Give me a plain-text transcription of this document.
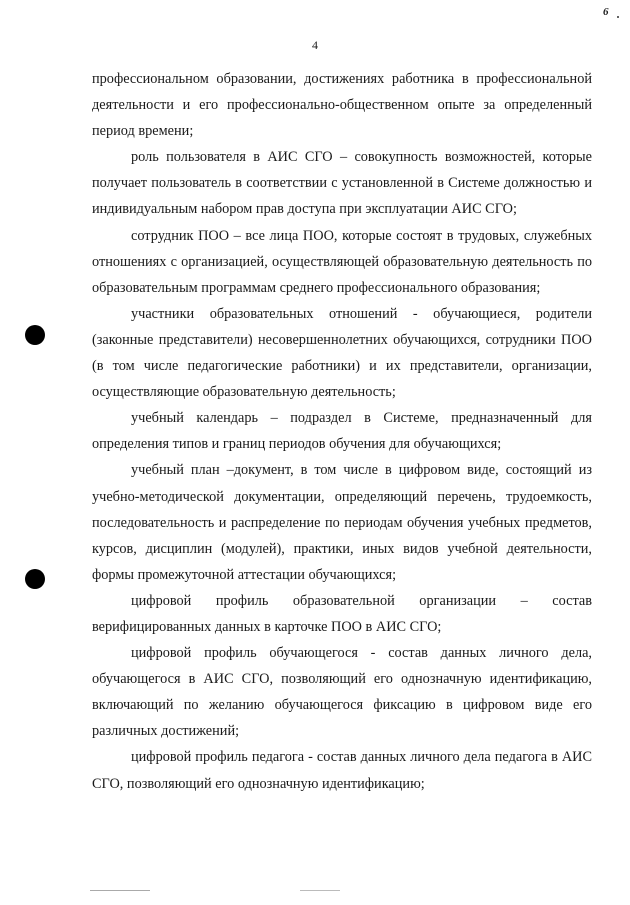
6
4

профессиональном образовании, достижениях работника в профессиональной деятельности и его профессионально-общественном опыте за определенный период времени;

роль пользователя в АИС СГО – совокупность возможностей, которые получает пользователь в соответствии с установленной в Системе должностью и индивидуальным набором прав доступа при эксплуатации АИС СГО;

сотрудник ПОО – все лица ПОО, которые состоят в трудовых, служебных отношениях с организацией, осуществляющей образовательную деятельность по образовательным программам среднего профессионального образования;

участники образовательных отношений - обучающиеся, родители (законные представители) несовершеннолетних обучающихся, сотрудники ПОО (в том числе педагогические работники) и их представители, организации, осуществляющие образовательную деятельность;

учебный календарь – подраздел в Системе, предназначенный для определения типов и границ периодов обучения для обучающихся;

учебный план –документ, в том числе в цифровом виде, состоящий из учебно-методической документации, определяющий перечень, трудоемкость, последовательность и распределение по периодам обучения учебных предметов, курсов, дисциплин (модулей), практики, иных видов учебной деятельности, формы промежуточной аттестации обучающихся;

цифровой профиль образовательной организации – состав верифицированных данных в карточке ПОО в АИС СГО;

цифровой профиль обучающегося - состав данных личного дела, обучающегося в АИС СГО, позволяющий его однозначную идентификацию, включающий по желанию обучающегося фиксацию в цифровом виде его различных достижений;

цифровой профиль педагога - состав данных личного дела педагога в АИС СГО, позволяющий его однозначную идентификацию;
